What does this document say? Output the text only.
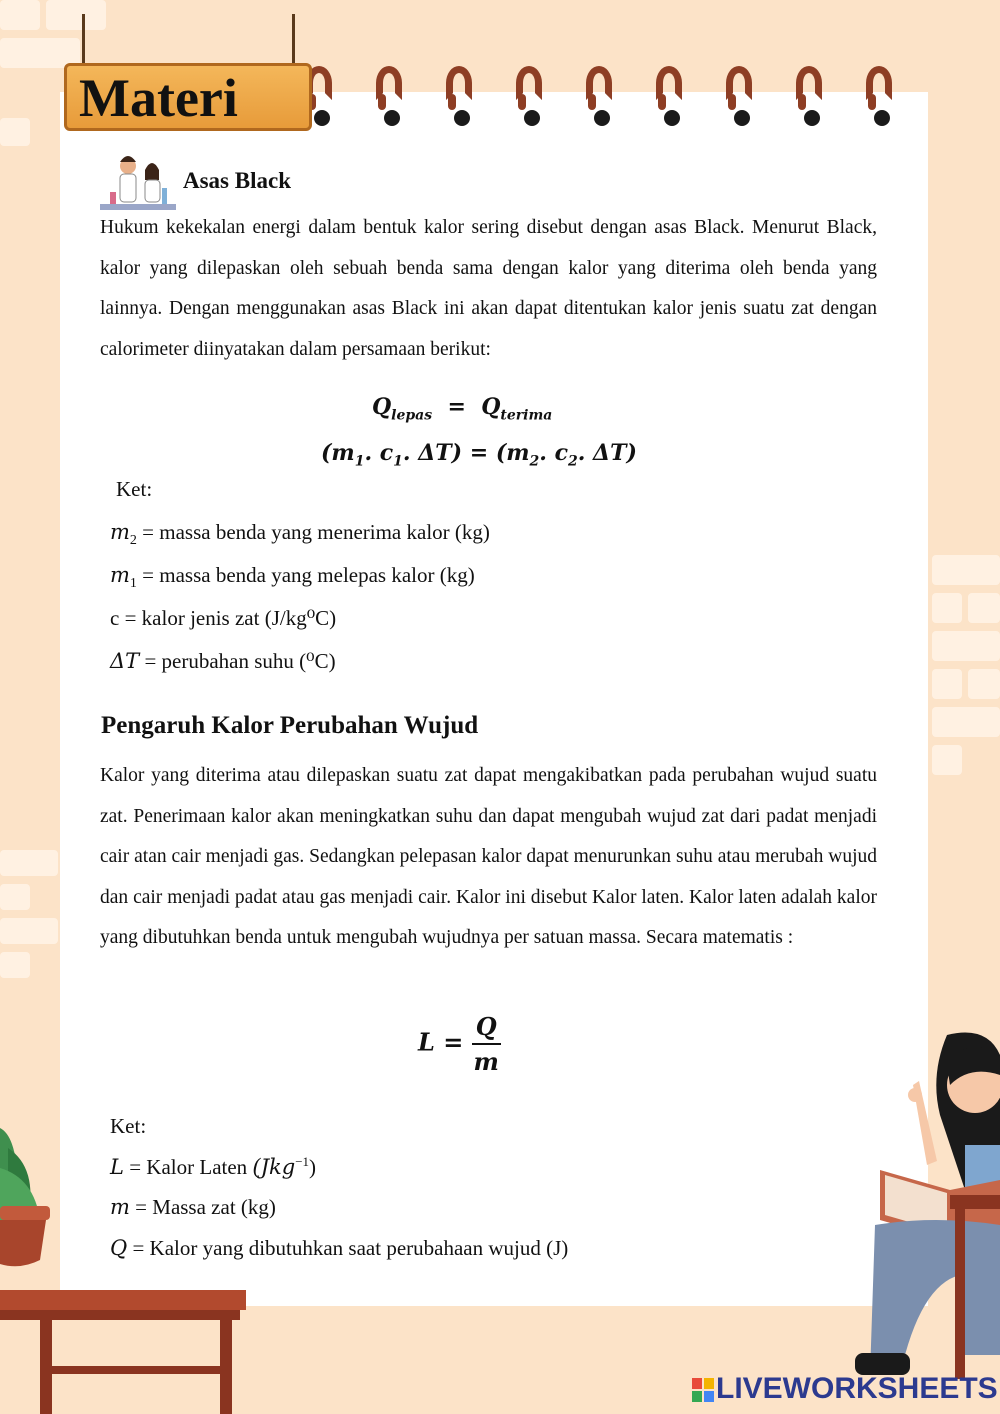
Materi
Asas Black
Hukum kekekalan energi dalam bentuk kalor sering disebut dengan asas Black. Menurut Black, kalor yang dilepaskan oleh sebuah benda sama dengan kalor yang diterima oleh benda yang lainnya. Dengan menggunakan asas Black ini akan dapat ditentukan kalor jenis suatu zat dengan calorimeter diinyatakan dalam persamaan berikut:
$Q_{lepas} = Q_{terima}$
($m_1$. $c_1$. $\Delta T) = (m_2$. $c_2$. ΔT)
Ket:
$m_2$ = massa benda yang menerima kalor (kg)
$m_1$ = massa benda yang melepas kalor (kg)
c = kalor jenis zat (J/kg⁰C)
ΔT = perubahan suhu (⁰C)
Pengaruh Kalor Perubahan Wujud
Kalor yang diterima atau dilepaskan suatu zat dapat mengakibatkan pada perubahan wujud suatu zat. Penerimaan kalor akan meningkatkan suhu dan dapat mengubah wujud zat dari padat menjadi cair atan cair menjadi gas. Sedangkan pelepasan kalor dapat menurunkan suhu atau merubah wujud dan cair menjadi padat atau gas menjadi cair. Kalor ini disebut Kalor laten. Kalor laten adalah kalor yang dibutuhkan benda untuk mengubah wujudnya per satuan massa. Secara matematis :
$L = \frac{Q}{m}$
Ket:
L = Kalor Laten (Jkg$^{-1}$)
m = Massa zat (kg)
Q = Kalor yang dibutuhkan saat perubahaan wujud (J)
LIVEWORKSHEETS
